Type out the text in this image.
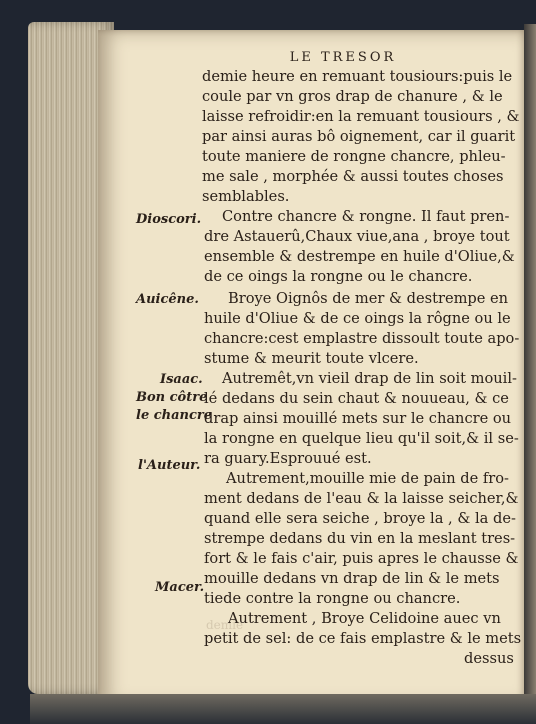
LE TRESOR
demie heure en remuant tousiours:puis le
coule par vn gros drap de chanure , & le
laisse refroidir:en la remuant tousiours , &
par ainsi auras bô oignement, car il guarit
toute maniere de rongne chancre, phleu-
me sale , morphée & aussi toutes choses
semblables.
Contre chancre & rongne. Il faut pren-
dre Astauerû,Chaux viue,ana , broye tout
ensemble & destrempe en huile d'Oliue,&
de ce oings la rongne ou le chancre.
Broye Oignôs de mer & destrempe en
huile d'Oliue & de ce oings la rôgne ou le
chancre:cest emplastre dissoult toute apo-
stume & meurit toute vlcere.
Autremêt,vn vieil drap de lin soit mouil-
lé dedans du sein chaut & nouueau, & ce
drap ainsi mouillé mets sur le chancre ou
la rongne en quelque lieu qu'il soit,& il se-
ra guary.Esprouué est.
Autrement,mouille mie de pain de fro-
ment dedans de l'eau & la laisse seicher,&
quand elle sera seiche , broye la , & la de-
strempe dedans du vin en la meslant tres-
fort & le fais c'air, puis apres le chausse &
mouille dedans vn drap de lin & le mets
tiede contre la rongne ou chancre.
Autrement , Broye Celidoine auec vn
petit de sel: de ce fais emplastre & le mets
dessus
Dioscori.
Auicêne.
Isaac.
Bon côtre
le chancre
l'Auteur.
Macer.
demie
